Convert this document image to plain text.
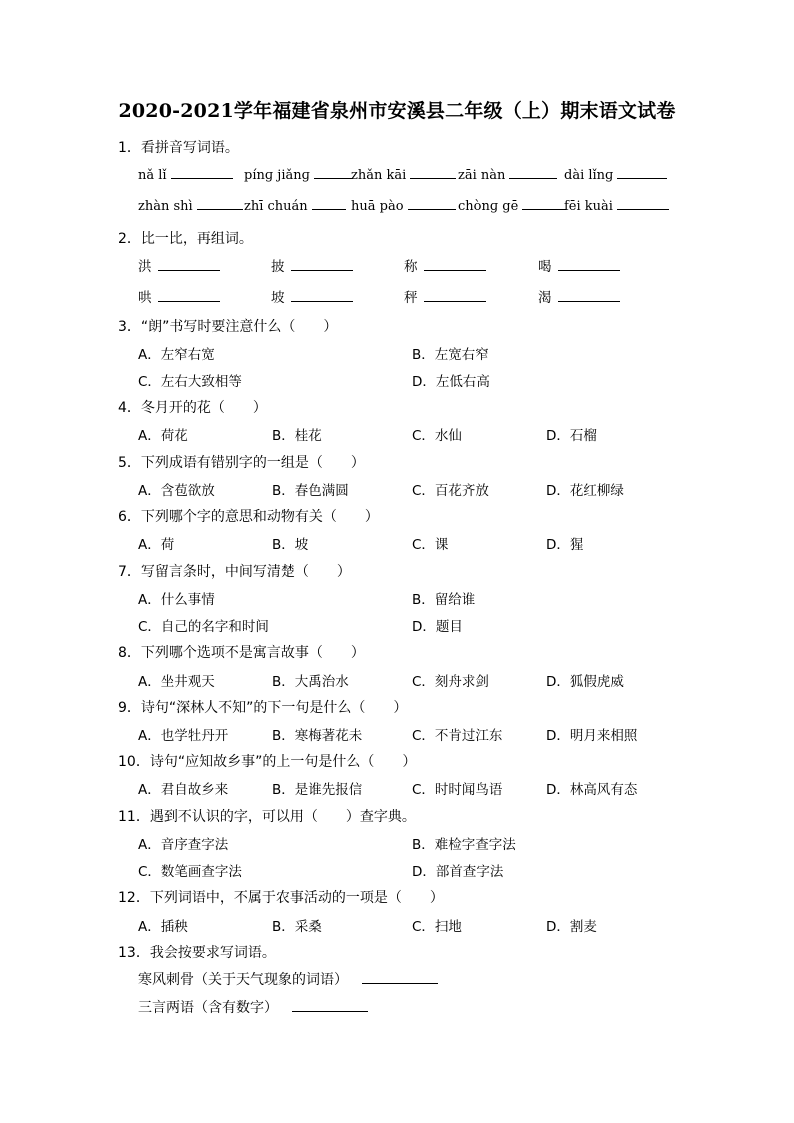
2020-2021学年福建省泉州市安溪县二年级（上）期末语文试卷
1．看拼音写词语。
nǎ lǐ	pínɡ jiǎnɡ	zhǎn kāi	zāi nàn	dài lǐnɡ
zhàn shì	zhī chuán	huā pào	chònɡ gē	fēi kuài
2．比一比，再组词。
洪	披	称	喝
哄	坡	秤	渴
3．“朗”书写时要注意什么（　　）
A．左窄右宽	B．左宽右窄
C．左右大致相等	D．左低右高
4．冬月开的花（　　）
A．荷花	B．桂花	C．水仙	D．石榴
5．下列成语有错别字的一组是（　　）
A．含苞欲放	B．春色满圆	C．百花齐放	D．花红柳绿
6．下列哪个字的意思和动物有关（　　）
A．荷	B．坡	C．课	D．猩
7．写留言条时，中间写清楚（　　）
A．什么事情	B．留给谁
C．自己的名字和时间	D．题目
8．下列哪个选项不是寓言故事（　　）
A．坐井观天	B．大禹治水	C．刻舟求剑	D．狐假虎威
9．诗句“深林人不知”的下一句是什么（　　）
A．也学牡丹开	B．寒梅著花未	C．不肯过江东	D．明月来相照
10．诗句“应知故乡事”的上一句是什么（　　）
A．君自故乡来	B．是谁先报信	C．时时闻鸟语	D．林高风有态
11．遇到不认识的字，可以用（　　）查字典。
A．音序查字法	B．难检字查字法
C．数笔画查字法	D．部首查字法
12．下列词语中，不属于农事活动的一项是（　　）
A．插秧	B．采桑	C．扫地	D．割麦
13．我会按要求写词语。
寒风刺骨（关于天气现象的词语）
三言两语（含有数字）
